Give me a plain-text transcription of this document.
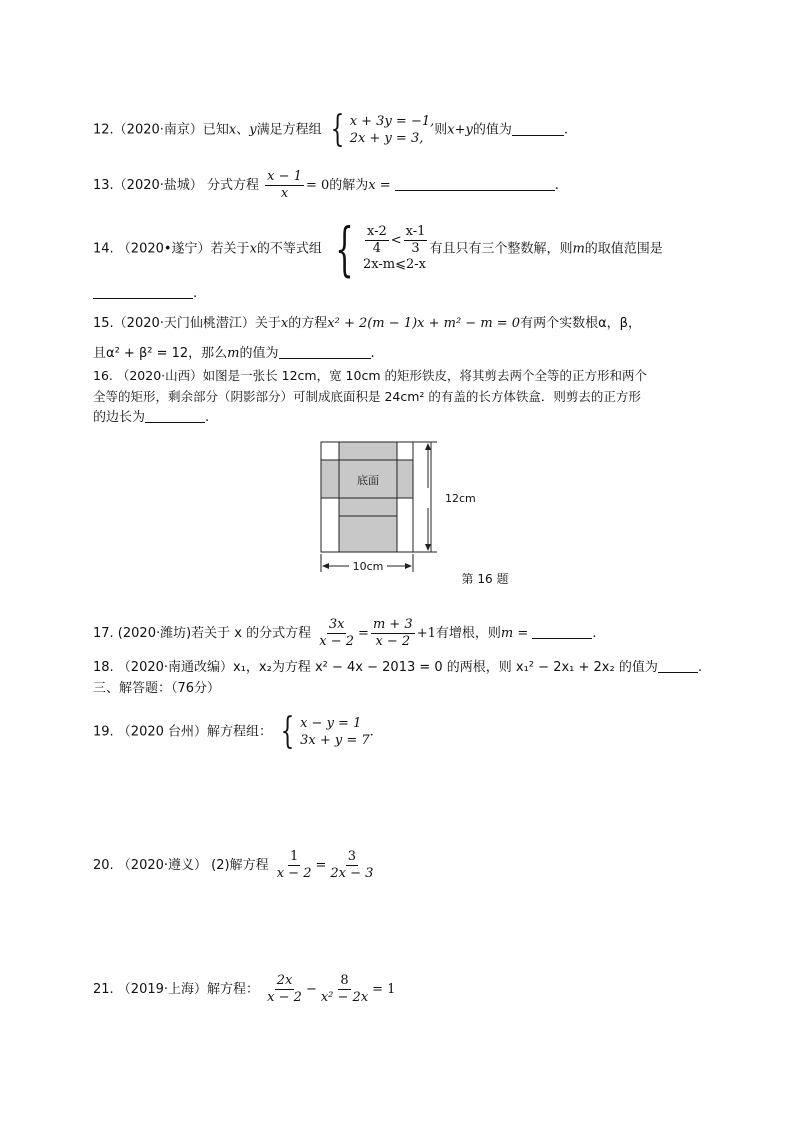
12.（2020·南京）已知x、y满足方程组 { x + 3y = −1,
2x + y = 3,
则x+y的值为	.
13.（2020·盐城） 分式方程 $\frac{x - 1}{x} = 0$的解为x =	.
14. （2020•遂宁）若关于x的不等式组 { $\frac{x-2}{4} < \frac{x-1}{3}$
2x-m⩽2-x
有且只有三个整数解，则m的取值范围是
.
15.（2020·天门仙桃潜江）关于x的方程x² + 2(m − 1)x + m² − m = 0有两个实数根α，β，
且α² + β² = 12，那么m的值为	.
16. （2020·山西）如图是一张长 12cm，宽 10cm 的矩形铁皮，将其剪去两个全等的正方形和两个
全等的矩形，剩余部分（阴影部分）可制成底面积是 24cm² 的有盖的长方体铁盒．则剪去的正方形
的边长为	.
底面
12cm
10cm
第 16 题
17. (2020·潍坊)若关于 x 的分式方程 $\frac{3x}{x - 2} = \frac{m + 3}{x - 2} +1$有增根，则m =	.
18. （2020·南通改编）x₁，x₂为方程 x² − 4x − 2013 = 0 的两根，则 x₁² − 2x₁ + 2x₂ 的值为	.
三、解答题：（76分）
19. （2020 台州）解方程组： { x − y = 1
3x + y = 7
.
20. （2020·遵义） (2)解方程 $\frac{1}{x - 2} = \frac{3}{2x - 3}$
21. （2019·上海）解方程： $\frac{2x}{x - 2} - \frac{8}{\text{x² − 2x}} = 1$
